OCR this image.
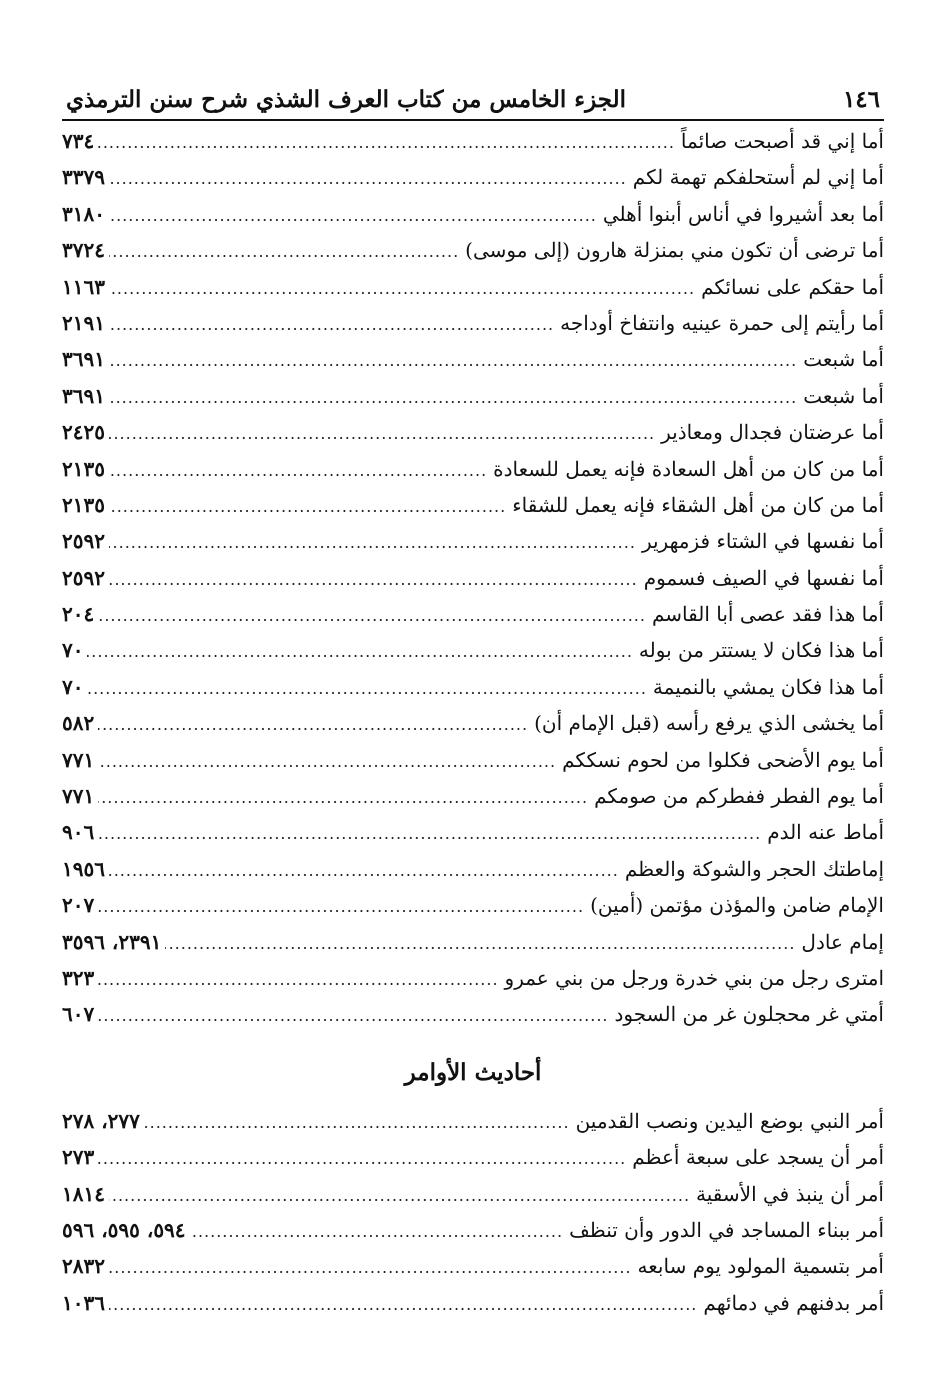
١٤٦
الجزء الخامس من كتاب العرف الشذي شرح سنن الترمذي
أما إني قد أصبحت صائماً
.....
٧٣٤
أما إني لم أستحلفكم تهمة لكم
.....
٣٣٧٩
أما بعد أشيروا في أناس أبنوا أهلي
.....
٣١٨٠
أما ترضى أن تكون مني بمنزلة هارون (إلى موسى)
.....
٣٧٢٤
أما حقكم على نسائكم
.....
١١٦٣
أما رأيتم إلى حمرة عينيه وانتفاخ أوداجه
.....
٢١٩١
أما شبعت
.....
٣٦٩١
أما شبعت
.....
٣٦٩١
أما عرضتان فجدال ومعاذير
.....
٢٤٢٥
أما من كان من أهل السعادة فإنه يعمل للسعادة
.....
٢١٣٥
أما من كان من أهل الشقاء فإنه يعمل للشقاء
.....
٢١٣٥
أما نفسها في الشتاء فزمهرير
.....
٢٥٩٢
أما نفسها في الصيف فسموم
.....
٢٥٩٢
أما هذا فقد عصى أبا القاسم
.....
٢٠٤
أما هذا فكان لا يستتر من بوله
.....
٧٠
أما هذا فكان يمشي بالنميمة
.....
٧٠
أما يخشى الذي يرفع رأسه (قبل الإمام أن)
.....
٥٨٢
أما يوم الأضحى فكلوا من لحوم نسككم
.....
٧٧١
أما يوم الفطر ففطركم من صومكم
.....
٧٧١
أماط عنه الدم
.....
٩٠٦
إماطتك الحجر والشوكة والعظم
.....
١٩٥٦
الإمام ضامن والمؤذن مؤتمن (أمين)
.....
٢٠٧
إمام عادل
.....
٢٣٩١، ٣٥٩٦
امترى رجل من بني خدرة ورجل من بني عمرو
.....
٣٢٣
أمتي غر محجلون غر من السجود
.....
٦٠٧
أحاديث الأوامر
أمر النبي بوضع اليدين ونصب القدمين
.....
٢٧٧، ٢٧٨
أمر أن يسجد على سبعة أعظم
.....
٢٧٣
أمر أن ينبذ في الأسقية
.....
١٨١٤
أمر ببناء المساجد في الدور وأن تنظف
.....
٥٩٤، ٥٩٥، ٥٩٦
أمر بتسمية المولود يوم سابعه
.....
٢٨٣٢
أمر بدفنهم في دمائهم
.....
١٠٣٦
